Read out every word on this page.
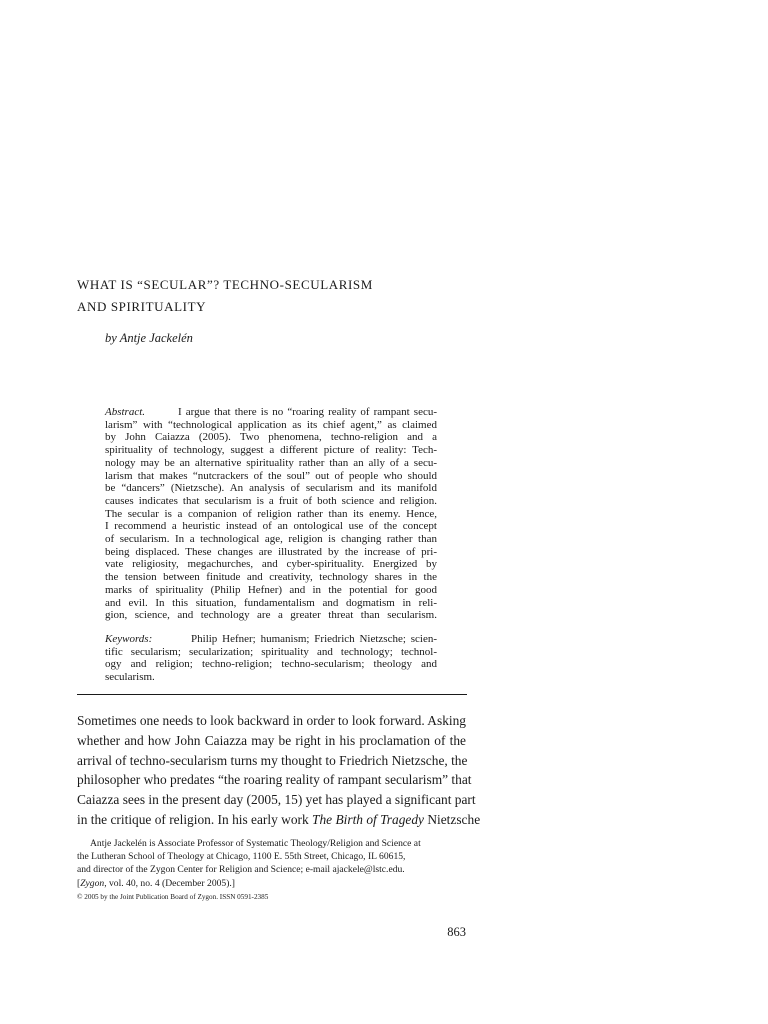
WHAT IS “SECULAR”? TECHNO-SECULARISM
AND SPIRITUALITY

by Antje Jackelén

Abstract.	I argue that there is no “roaring reality of rampant secu-
larism” with “technological application as its chief agent,” as claimed
by John Caiazza (2005). Two phenomena, techno-religion and a
spirituality of technology, suggest a different picture of reality: Tech-
nology may be an alternative spirituality rather than an ally of a secu-
larism that makes “nutcrackers of the soul” out of people who should
be “dancers” (Nietzsche). An analysis of secularism and its manifold
causes indicates that secularism is a fruit of both science and religion.
The secular is a companion of religion rather than its enemy. Hence,
I recommend a heuristic instead of an ontological use of the concept
of secularism. In a technological age, religion is changing rather than
being displaced. These changes are illustrated by the increase of pri-
vate religiosity, megachurches, and cyber-spirituality. Energized by
the tension between finitude and creativity, technology shares in the
marks of spirituality (Philip Hefner) and in the potential for good
and evil. In this situation, fundamentalism and dogmatism in reli-
gion, science, and technology are a greater threat than secularism.
Keywords:	Philip Hefner; humanism; Friedrich Nietzsche; scien-
tific secularism; secularization; spirituality and technology; technol-
ogy and religion; techno-religion; techno-secularism; theology and
secularism.
Sometimes one needs to look backward in order to look forward. Asking
whether and how John Caiazza may be right in his proclamation of the
arrival of techno-secularism turns my thought to Friedrich Nietzsche, the
philosopher who predates “the roaring reality of rampant secularism” that
Caiazza sees in the present day (2005, 15) yet has played a significant part
in the critique of religion. In his early work The Birth of Tragedy Nietzsche
Antje Jackelén is Associate Professor of Systematic Theology/Religion and Science at
the Lutheran School of Theology at Chicago, 1100 E. 55th Street, Chicago, IL 60615,
and director of the Zygon Center for Religion and Science; e-mail ajackele@lstc.edu.

[Zygon, vol. 40, no. 4 (December 2005).]

© 2005 by the Joint Publication Board of Zygon. ISSN 0591-2385

863
